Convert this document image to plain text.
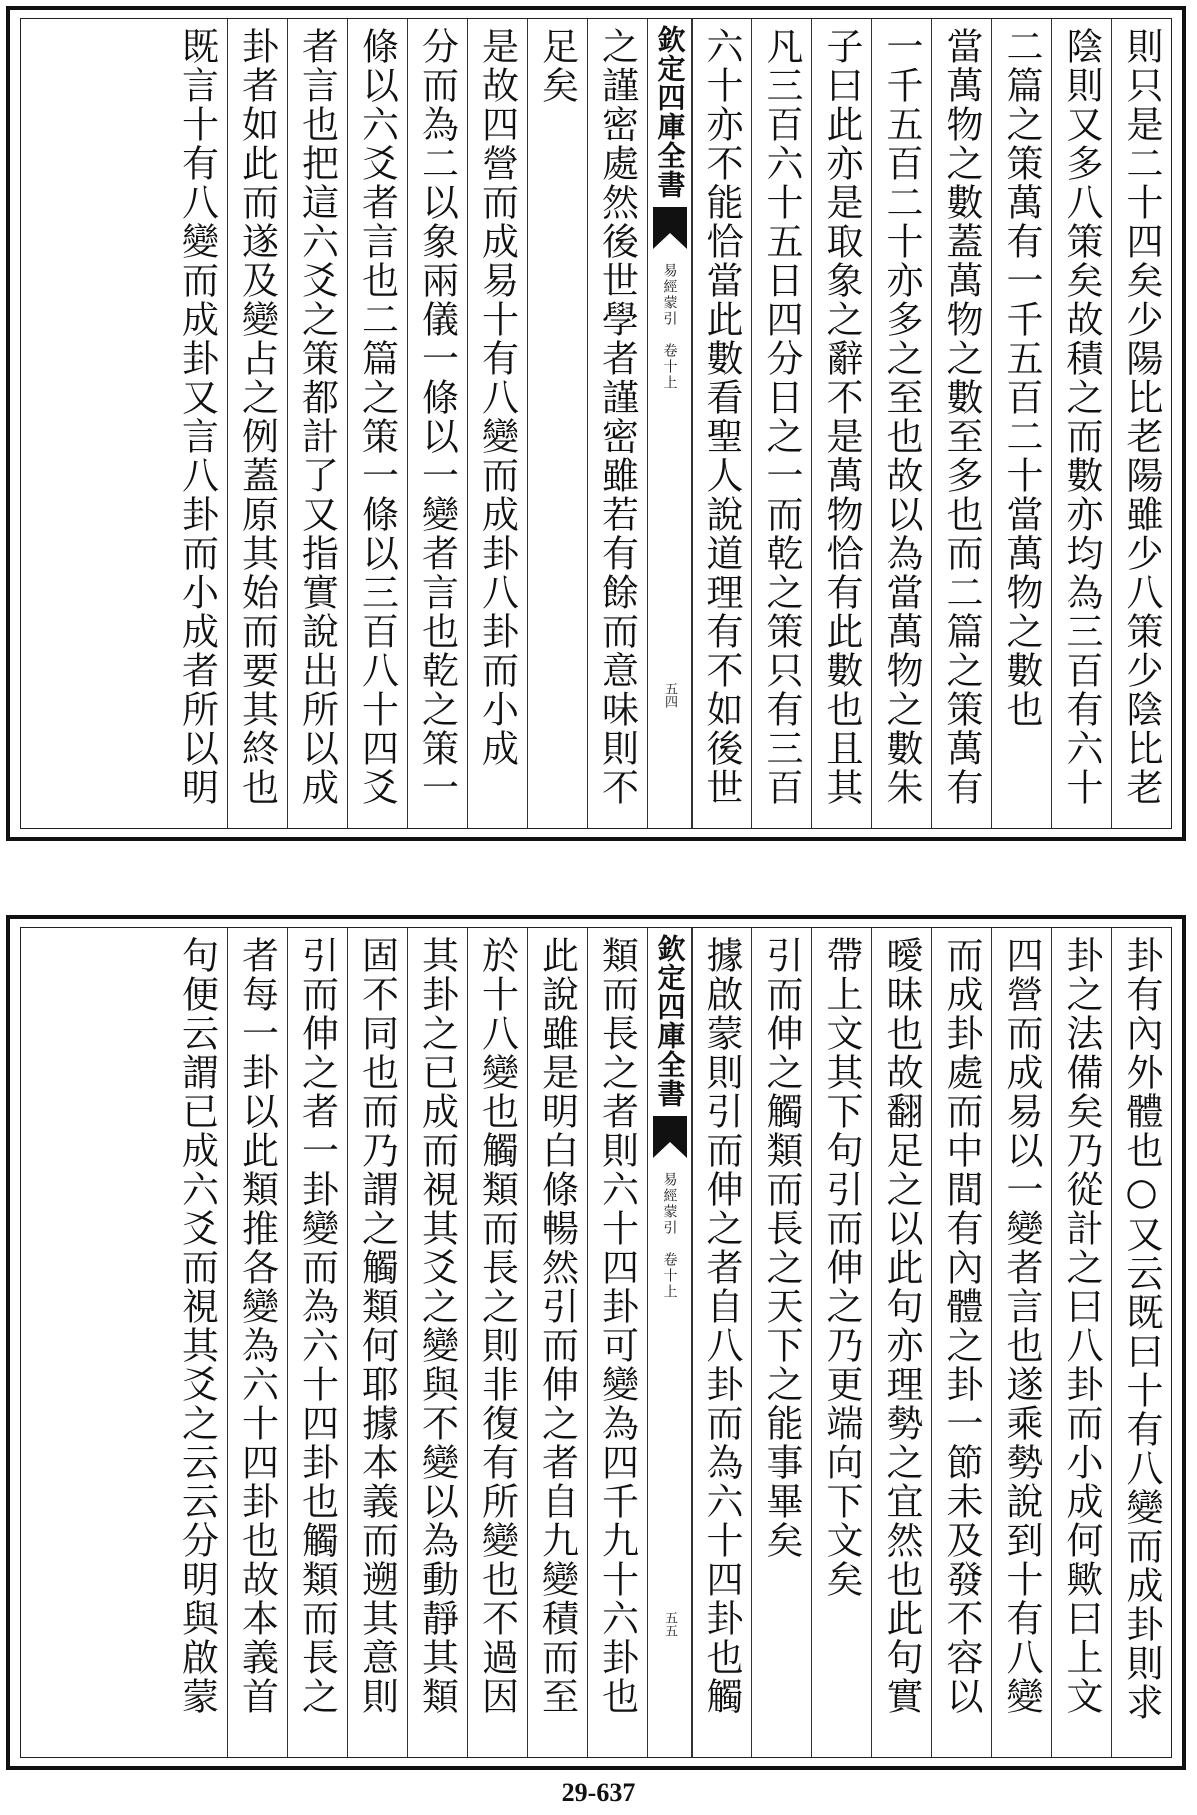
則只是二十四矣少陽比老陽雖少八策少陰比老
陰則又多八策矣故積之而數亦均為三百有六十
二篇之策萬有一千五百二十當萬物之數也
當萬物之數蓋萬物之數至多也而二篇之策萬有
一千五百二十亦多之至也故以為當萬物之數朱
子曰此亦是取象之辭不是萬物恰有此數也且其
凡三百六十五日四分日之一而乾之策只有三百
六十亦不能恰當此數看聖人說道理有不如後世
欽定四庫全書
易經蒙引　卷十上
五四
之謹密處然後世學者謹密雖若有餘而意味則不
足矣
是故四營而成易十有八變而成卦八卦而小成
分而為二以象兩儀一條以一變者言也乾之策一
條以六爻者言也二篇之策一條以三百八十四爻
者言也把這六爻之策都計了又指實說出所以成
卦者如此而遂及變占之例蓋原其始而要其終也
既言十有八變而成卦又言八卦而小成者所以明
卦有內外體也○又云既曰十有八變而成卦則求
卦之法備矣乃從計之曰八卦而小成何歟曰上文
四營而成易以一變者言也遂乘勢說到十有八變
而成卦處而中間有內體之卦一節未及發不容以
曖昧也故翻足之以此句亦理勢之宜然也此句實
帶上文其下句引而伸之乃更端向下文矣
引而伸之觸類而長之天下之能事畢矣
據啟蒙則引而伸之者自八卦而為六十四卦也觸
欽定四庫全書
易經蒙引　卷十上
五五
類而長之者則六十四卦可變為四千九十六卦也
此說雖是明白條暢然引而伸之者自九變積而至
於十八變也觸類而長之則非復有所變也不過因
其卦之已成而視其爻之變與不變以為動靜其類
固不同也而乃謂之觸類何耶據本義而遡其意則
引而伸之者一卦變而為六十四卦也觸類而長之
者每一卦以此類推各變為六十四卦也故本義首
句便云謂已成六爻而視其爻之云云分明與啟蒙
29-637
